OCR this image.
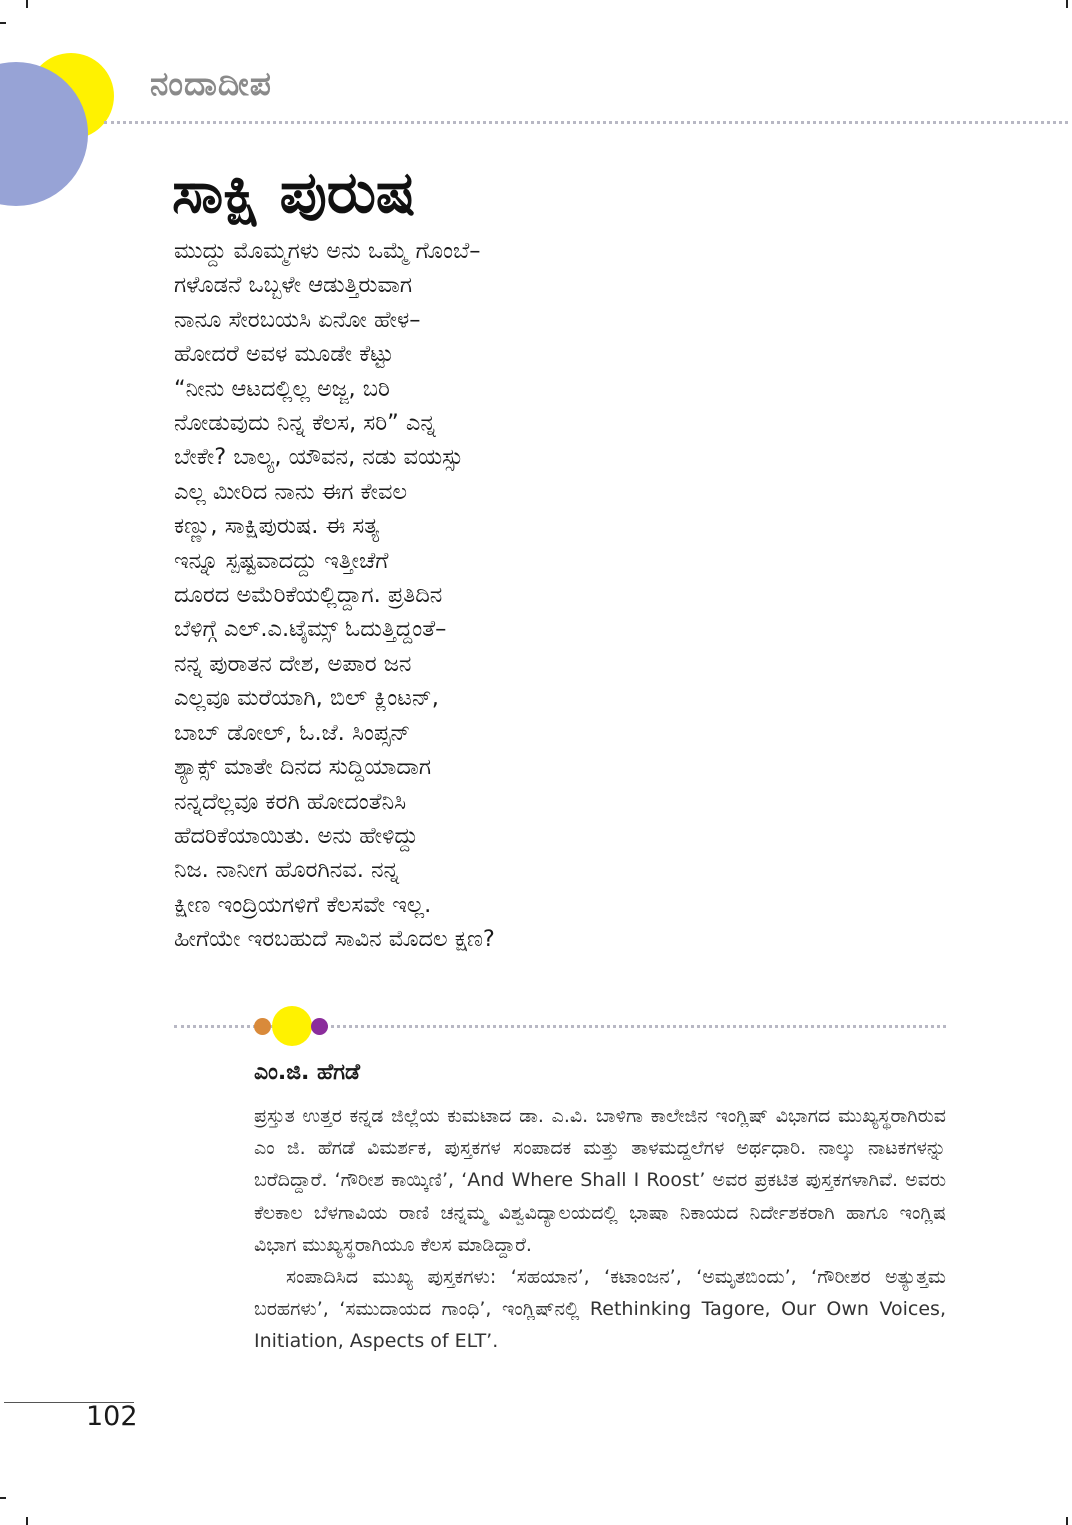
ನಂದಾದೀಪ
ಸಾಕ್ಷಿ ಪುರುಷ
ಮುದ್ದು ಮೊಮ್ಮಗಳು ಅನು ಒಮ್ಮೆ ಗೊಂಬೆ–
ಗಳೊಡನೆ ಒಬ್ಬಳೇ ಆಡುತ್ತಿರುವಾಗ
ನಾನೂ ಸೇರಬಯಸಿ ಏನೋ ಹೇಳ–
ಹೋದರೆ ಅವಳ ಮೂಡೇ ಕೆಟ್ಟು
“ನೀನು ಆಟದಲ್ಲಿಲ್ಲ ಅಜ್ಜ, ಬರಿ
ನೋಡುವುದು ನಿನ್ನ ಕೆಲಸ, ಸರಿ” ಎನ್ನ
ಬೇಕೇ? ಬಾಲ್ಯ, ಯೌವನ, ನಡು ವಯಸ್ಸು
ಎಲ್ಲ ಮೀರಿದ ನಾನು ಈಗ ಕೇವಲ
ಕಣ್ಣು, ಸಾಕ್ಷಿಪುರುಷ. ಈ ಸತ್ಯ
ಇನ್ನೂ ಸ್ಪಷ್ಟವಾದದ್ದು ಇತ್ತೀಚೆಗೆ
ದೂರದ ಅಮೆರಿಕೆಯಲ್ಲಿದ್ದಾಗ. ಪ್ರತಿದಿನ
ಬೆಳಿಗ್ಗೆ ಎಲ್.ಎ.ಟೈಮ್ಸ್ ಓದುತ್ತಿದ್ದಂತೆ–
ನನ್ನ ಪುರಾತನ ದೇಶ, ಅಪಾರ ಜನ
ಎಲ್ಲವೂ ಮರೆಯಾಗಿ, ಬಿಲ್ ಕ್ಲಿಂಟನ್,
ಬಾಬ್ ಡೋಲ್, ಓ.ಜೆ. ಸಿಂಪ್ಸನ್
ಶ್ಯಾಕ್ಸ್ ಮಾತೇ ದಿನದ ಸುದ್ದಿಯಾದಾಗ
ನನ್ನದೆಲ್ಲವೂ ಕರಗಿ ಹೋದಂತೆನಿಸಿ
ಹೆದರಿಕೆಯಾಯಿತು. ಅನು ಹೇಳಿದ್ದು
ನಿಜ. ನಾನೀಗ ಹೊರಗಿನವ. ನನ್ನ
ಕ್ಷೀಣ ಇಂದ್ರಿಯಗಳಿಗೆ ಕೆಲಸವೇ ಇಲ್ಲ.
ಹೀಗೆಯೇ ಇರಬಹುದೆ ಸಾವಿನ ಮೊದಲ ಕ್ಷಣ?
ಎಂ.ಜಿ. ಹೆಗಡೆ

ಪ್ರಸ್ತುತ ಉತ್ತರ ಕನ್ನಡ ಜಿಲ್ಲೆಯ ಕುಮಟಾದ ಡಾ. ಎ.ವಿ. ಬಾಳಿಗಾ ಕಾಲೇಜಿನ ಇಂಗ್ಲಿಷ್ ವಿಭಾಗದ ಮುಖ್ಯಸ್ಥರಾಗಿರುವ ಎಂ ಜಿ. ಹೆಗಡೆ ವಿಮರ್ಶಕ, ಪುಸ್ತಕಗಳ ಸಂಪಾದಕ ಮತ್ತು ತಾಳಮದ್ದಲೆಗಳ ಅರ್ಥಧಾರಿ. ನಾಲ್ಕು ನಾಟಕಗಳನ್ನು ಬರೆದಿದ್ದಾರೆ. ‘ಗೌರೀಶ ಕಾಯ್ಕಿಣಿ’, ‘And Where Shall I Roost’ ಅವರ ಪ್ರಕಟಿತ ಪುಸ್ತಕಗಳಾಗಿವೆ. ಅವರು ಕೆಲಕಾಲ ಬೆಳಗಾವಿಯ ರಾಣಿ ಚನ್ನಮ್ಮ ವಿಶ್ವವಿದ್ಯಾಲಯದಲ್ಲಿ ಭಾಷಾ ನಿಕಾಯದ ನಿರ್ದೇಶಕರಾಗಿ ಹಾಗೂ ಇಂಗ್ಲಿಷ ವಿಭಾಗ ಮುಖ್ಯಸ್ಥರಾಗಿಯೂ ಕೆಲಸ ಮಾಡಿದ್ದಾರೆ.

ಸಂಪಾದಿಸಿದ ಮುಖ್ಯ ಪುಸ್ತಕಗಳು: ‘ಸಹಯಾನ’, ‘ಕಟಾಂಜನ’, ‘ಅಮೃತಬಿಂದು’, ‘ಗೌರೀಶರ ಅತ್ಯುತ್ತಮ ಬರಹಗಳು’, ‘ಸಮುದಾಯದ ಗಾಂಧಿ’, ಇಂಗ್ಲಿಷ್‌ನಲ್ಲಿ Rethinking Tagore, Our Own Voices, Initiation, Aspects of ELT’.

102
